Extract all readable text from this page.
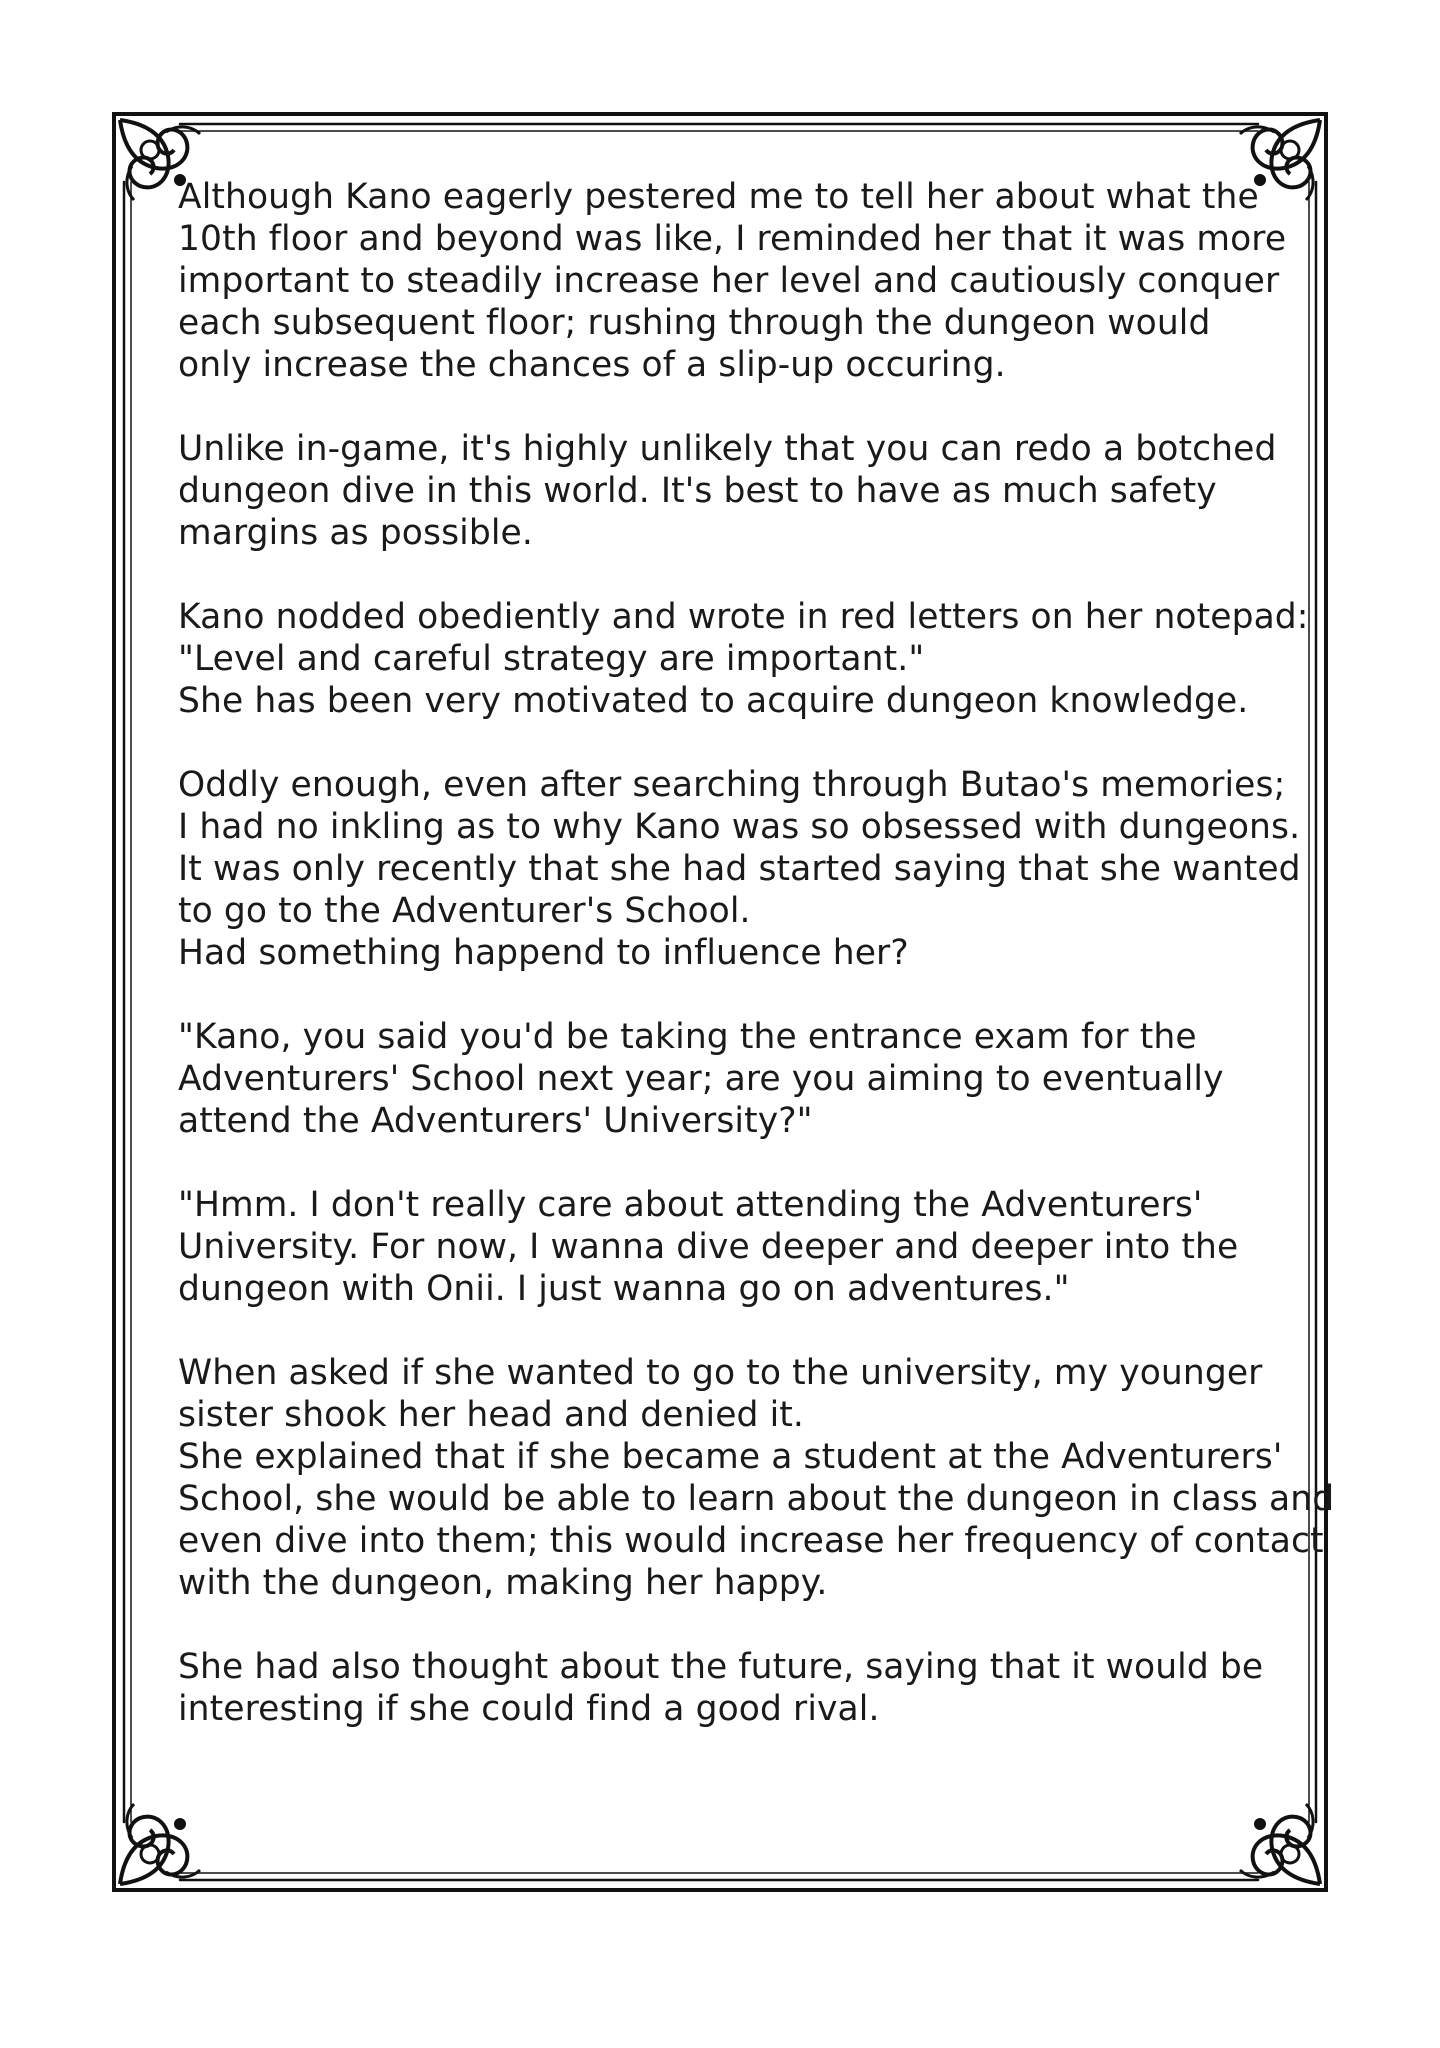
Although Kano eagerly pestered me to tell her about what the
10th floor and beyond was like, I reminded her that it was more
important to steadily increase her level and cautiously conquer
each subsequent floor; rushing through the dungeon would
only increase the chances of a slip-up occuring.
Unlike in-game, it's highly unlikely that you can redo a botched
dungeon dive in this world. It's best to have as much safety
margins as possible.
Kano nodded obediently and wrote in red letters on her notepad:
"Level and careful strategy are important."
She has been very motivated to acquire dungeon knowledge.
Oddly enough, even after searching through Butao's memories;
I had no inkling as to why Kano was so obsessed with dungeons.
It was only recently that she had started saying that she wanted
to go to the Adventurer's School.
Had something happend to influence her?
"Kano, you said you'd be taking the entrance exam for the
Adventurers' School next year; are you aiming to eventually
attend the Adventurers' University?"
"Hmm. I don't really care about attending the Adventurers'
University. For now, I wanna dive deeper and deeper into the
dungeon with Onii. I just wanna go on adventures."
When asked if she wanted to go to the university, my younger
sister shook her head and denied it.
She explained that if she became a student at the Adventurers'
School, she would be able to learn about the dungeon in class and
even dive into them; this would increase her frequency of contact
with the dungeon, making her happy.
She had also thought about the future, saying that it would be
interesting if she could find a good rival.
